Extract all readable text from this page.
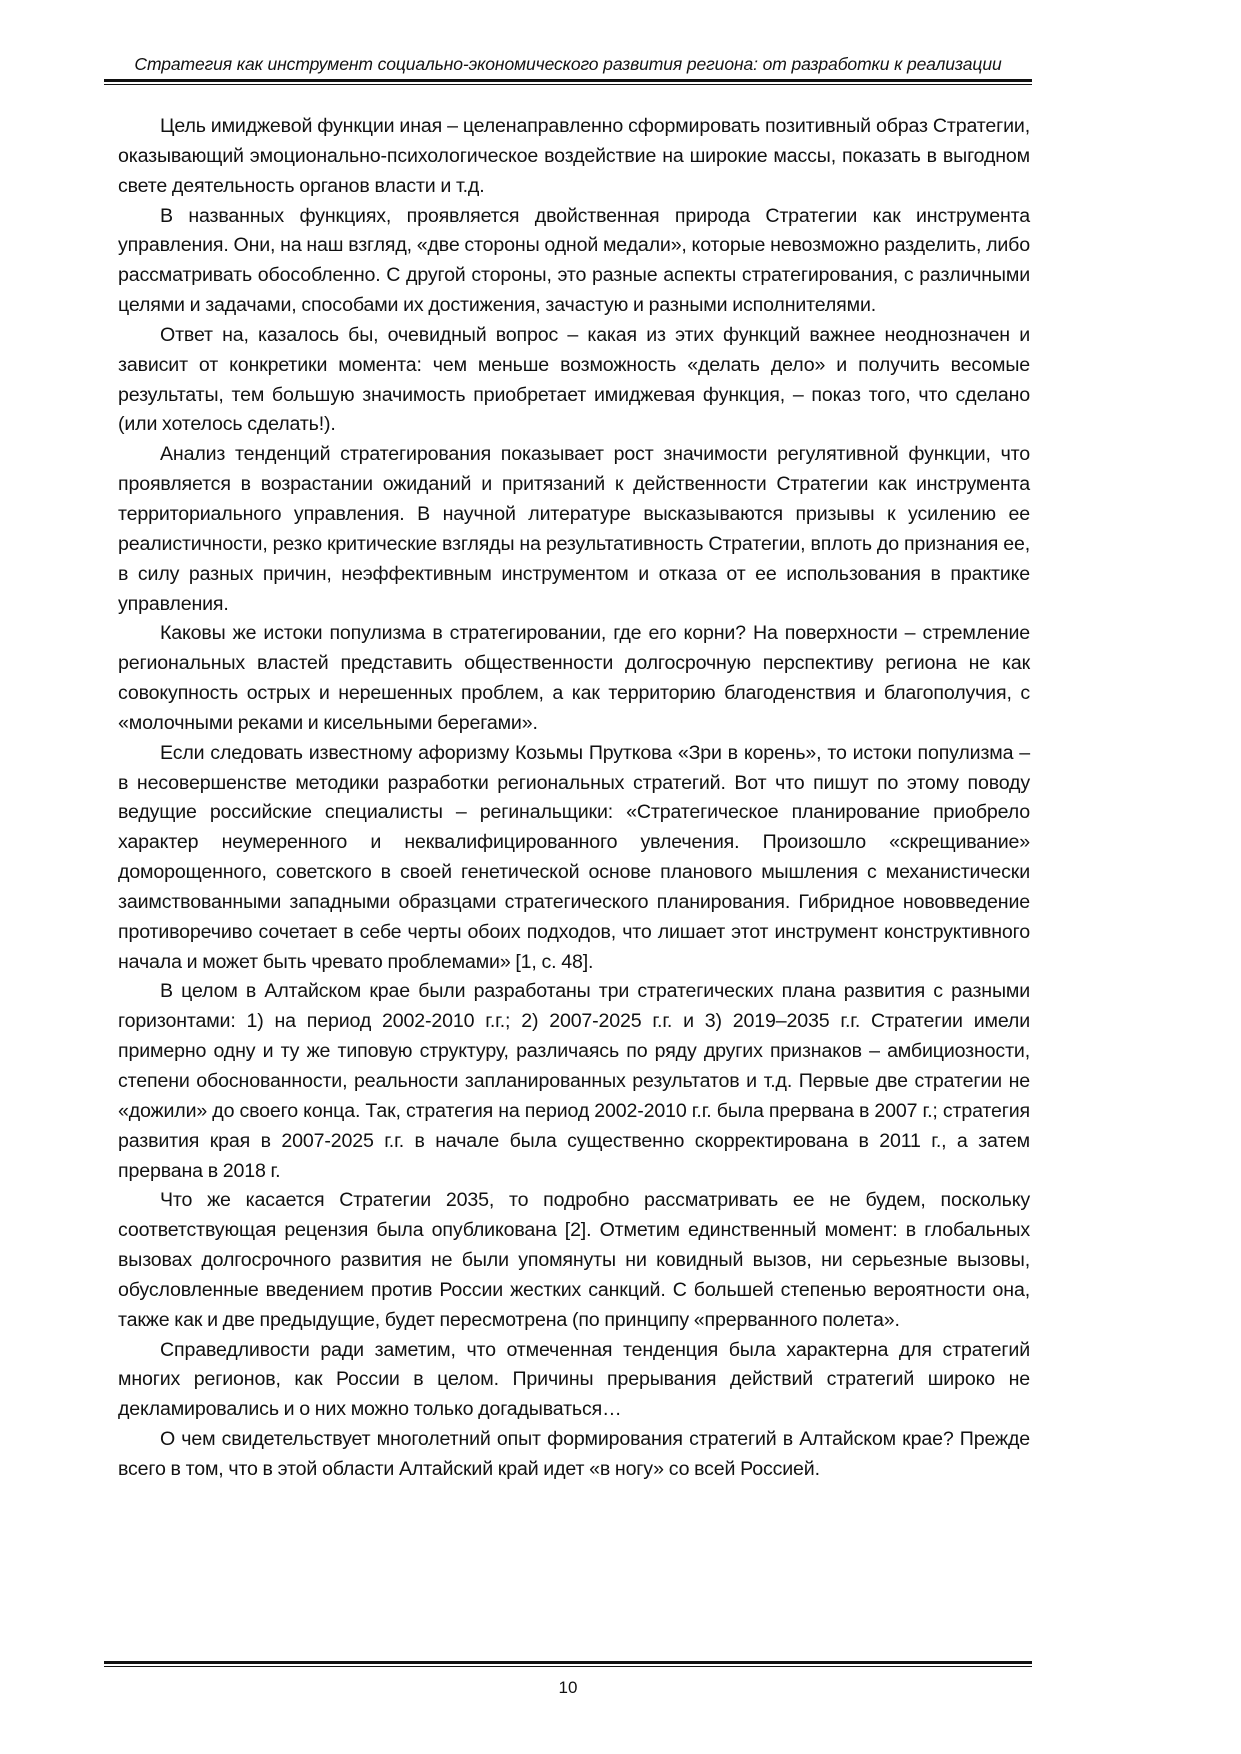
Стратегия как инструмент социально-экономического развития региона: от разработки к реализации

Цель имиджевой функции иная – целенаправленно сформировать позитивный образ Стратегии, оказывающий эмоционально-психологическое воздействие на широкие массы, показать в выгодном свете деятельность органов власти и т.д.

В названных функциях, проявляется двойственная природа Стратегии как инструмента управления. Они, на наш взгляд, «две стороны одной медали», которые невозможно разделить, либо рассматривать обособленно. С другой стороны, это разные аспекты стратегирования, с различными целями и задачами, способами их достижения, зачастую и разными исполнителями.

Ответ на, казалось бы, очевидный вопрос – какая из этих функций важнее неоднозначен и зависит от конкретики момента: чем меньше возможность «делать дело» и получить весомые результаты, тем большую значимость приобретает имиджевая функция, – показ того, что сделано (или хотелось сделать!).

Анализ тенденций стратегирования показывает рост значимости регулятивной функции, что проявляется в возрастании ожиданий и притязаний к действенности Стратегии как инструмента территориального управления. В научной литературе высказываются призывы к усилению ее реалистичности, резко критические взгляды на результативность Стратегии, вплоть до признания ее, в силу разных причин, неэффективным инструментом и отказа от ее использования в практике управления.

Каковы же истоки популизма в стратегировании, где его корни? На поверхности – стремление региональных властей представить общественности долгосрочную перспективу региона не как совокупность острых и нерешенных проблем, а как территорию благоденствия и благополучия, с «молочными реками и кисельными берегами».

Если следовать известному афоризму Козьмы Пруткова «Зри в корень», то истоки популизма – в несовершенстве методики разработки региональных стратегий. Вот что пишут по этому поводу ведущие российские специалисты – регинальщики: «Стратегическое планирование приобрело характер неумеренного и неквалифицированного увлечения. Произошло «скрещивание» доморощенного, советского в своей генетической основе планового мышления с механистически заимствованными западными образцами стратегического планирования. Гибридное нововведение противоречиво сочетает в себе черты обоих подходов, что лишает этот инструмент конструктивного начала и может быть чревато проблемами» [1, с. 48].

В целом в Алтайском крае были разработаны три стратегических плана развития с разными горизонтами: 1) на период 2002-2010 г.г.; 2) 2007-2025 г.г. и 3) 2019–2035 г.г. Стратегии имели примерно одну и ту же типовую структуру, различаясь по ряду других признаков – амбициозности, степени обоснованности, реальности запланированных результатов и т.д. Первые две стратегии не «дожили» до своего конца. Так, стратегия на период 2002-2010 г.г. была прервана в 2007 г.; стратегия развития края в 2007-2025 г.г. в начале была существенно скорректирована в 2011 г., а затем прервана в 2018 г.

Что же касается Стратегии 2035, то подробно рассматривать ее не будем, поскольку соответствующая рецензия была опубликована [2]. Отметим единственный момент: в глобальных вызовах долгосрочного развития не были упомянуты ни ковидный вызов, ни серьезные вызовы, обусловленные введением против России жестких санкций. С большей степенью вероятности она, также как и две предыдущие, будет пересмотрена (по принципу «прерванного полета».

Справедливости ради заметим, что отмеченная тенденция была характерна для стратегий многих регионов, как России в целом. Причины прерывания действий стратегий широко не декламировались и о них можно только догадываться…

О чем свидетельствует многолетний опыт формирования стратегий в Алтайском крае? Прежде всего в том, что в этой области Алтайский край идет «в ногу» со всей Россией.

10
